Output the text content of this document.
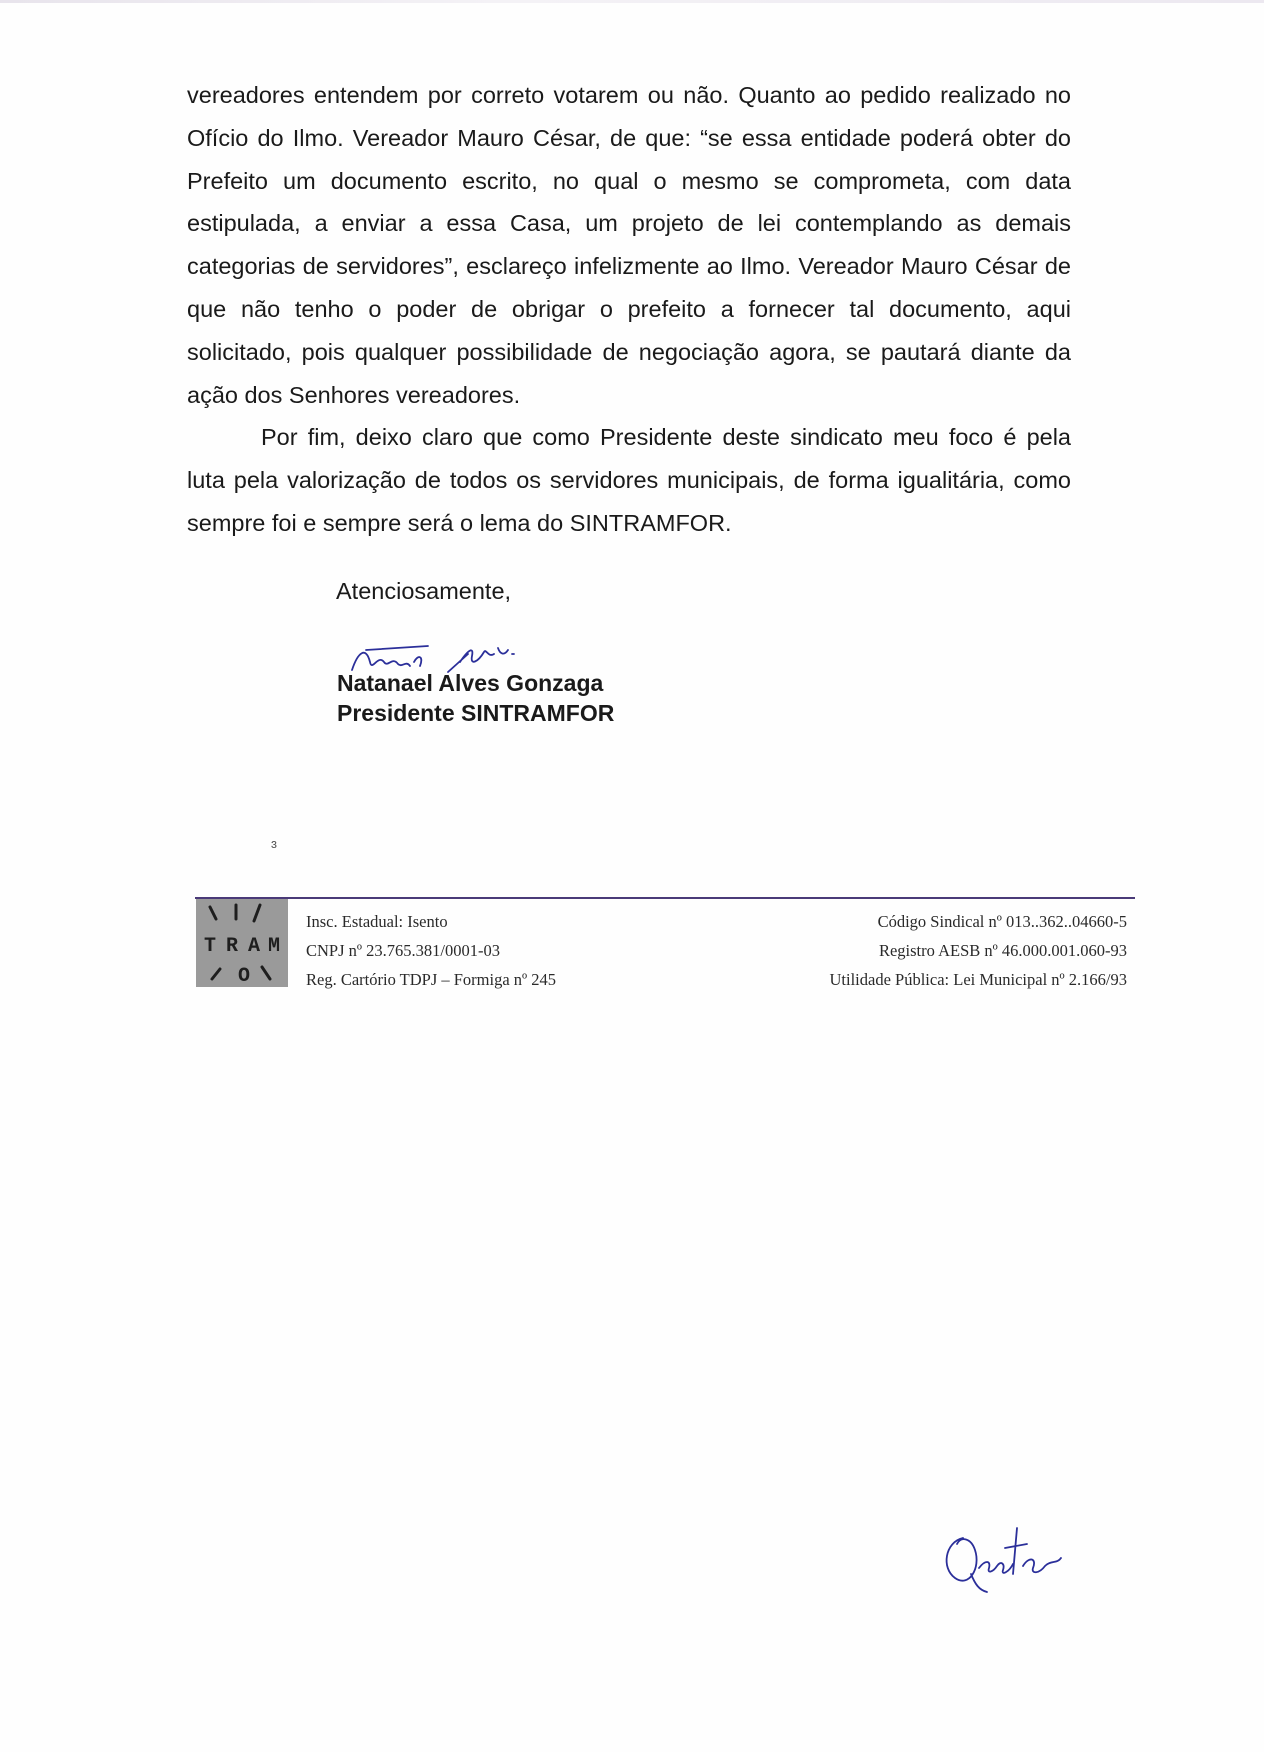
vereadores entendem por correto votarem ou não. Quanto ao pedido realizado no Ofício do Ilmo. Vereador Mauro César, de que: “se essa entidade poderá obter do Prefeito um documento escrito, no qual o mesmo se comprometa, com data estipulada, a enviar a essa Casa, um projeto de lei contemplando as demais categorias de servidores”, esclareço infelizmente ao Ilmo. Vereador Mauro César de que não tenho o poder de obrigar o prefeito a fornecer tal documento, aqui solicitado, pois qualquer possibilidade de negociação agora, se pautará diante da ação dos Senhores vereadores.

Por fim, deixo claro que como Presidente deste sindicato meu foco é pela luta pela valorização de todos os servidores municipais, de forma igualitária, como sempre foi e sempre será o lema do SINTRAMFOR.

Atenciosamente,
Natanael Alves Gonzaga
Presidente SINTRAMFOR
ɜ
T R A M
O
Insc. Estadual: Isento
CNPJ nº 23.765.381/0001-03
Reg. Cartório TDPJ – Formiga nº 245
Código Sindical nº 013..362..04660-5
Registro AESB nº 46.000.001.060-93
Utilidade Pública: Lei Municipal nº 2.166/93
